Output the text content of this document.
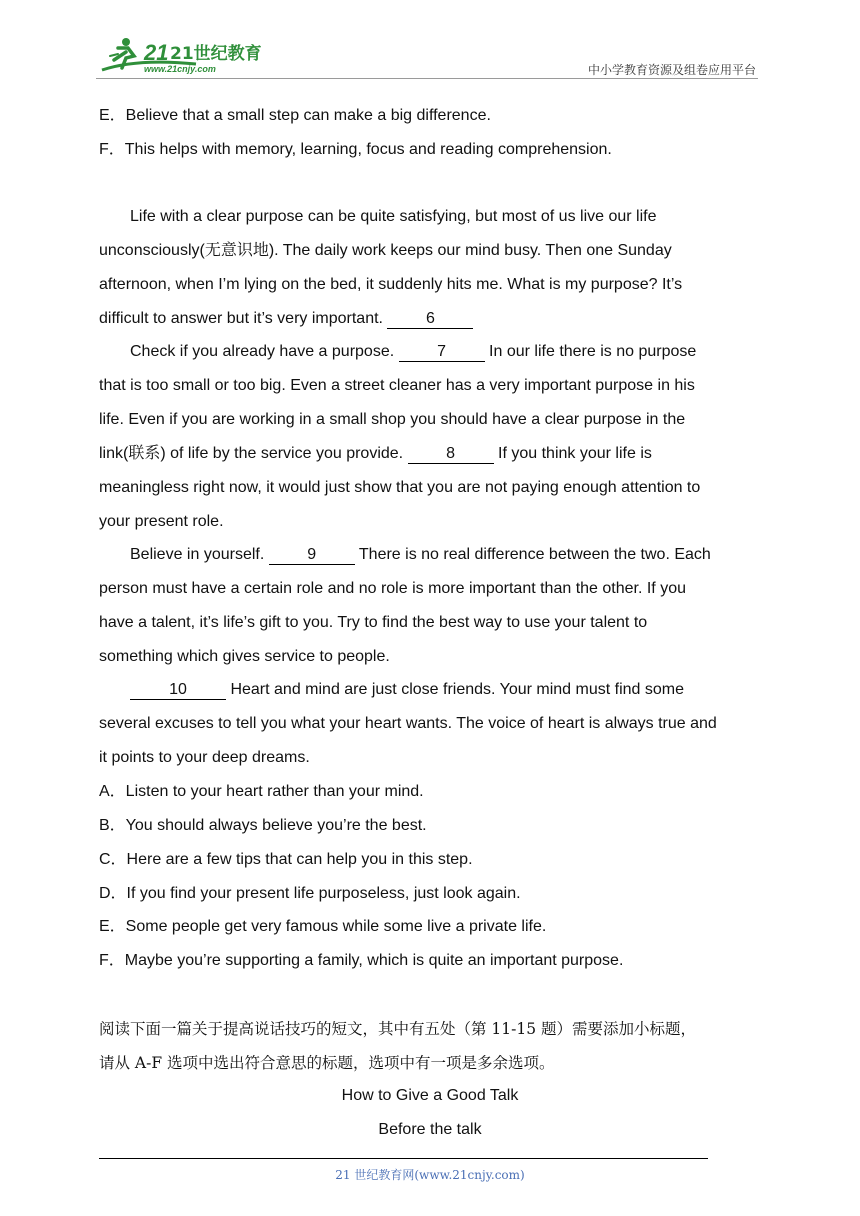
21 21世纪教育
www.21cnjy.com	中小学教育资源及组卷应用平台
E．Believe that a small step can make a big difference.
F．This helps with memory, learning, focus and reading comprehension.
Life with a clear purpose can be quite satisfying, but most of us live our life
unconsciously(无意识地). The daily work keeps our mind busy. Then one Sunday
afternoon, when I’m lying on the bed, it suddenly hits me. What is my purpose? It’s
difficult to answer but it’s very important. 6
Check if you already have a purpose. 7 In our life there is no purpose
that is too small or too big. Even a street cleaner has a very important purpose in his
life. Even if you are working in a small shop you should have a clear purpose in the
link(联系) of life by the service you provide. 8 If you think your life is
meaningless right now, it would just show that you are not paying enough attention to
your present role.
Believe in yourself. 9 There is no real difference between the two. Each
person must have a certain role and no role is more important than the other. If you
have a talent, it’s life’s gift to you. Try to find the best way to use your talent to
something which gives service to people.
10 Heart and mind are just close friends. Your mind must find some
several excuses to tell you what your heart wants. The voice of heart is always true and
it points to your deep dreams.
A．Listen to your heart rather than your mind.
B．You should always believe you’re the best.
C．Here are a few tips that can help you in this step.
D．If you find your present life purposeless, just look again.
E．Some people get very famous while some live a private life.
F．Maybe you’re supporting a family, which is quite an important purpose.
阅读下面一篇关于提高说话技巧的短文，其中有五处（第 11-15 题）需要添加小标题，
请从 A-F 选项中选出符合意思的标题，选项中有一项是多余选项。
How to Give a Good Talk
Before the talk
21 世纪教育网(www.21cnjy.com)
